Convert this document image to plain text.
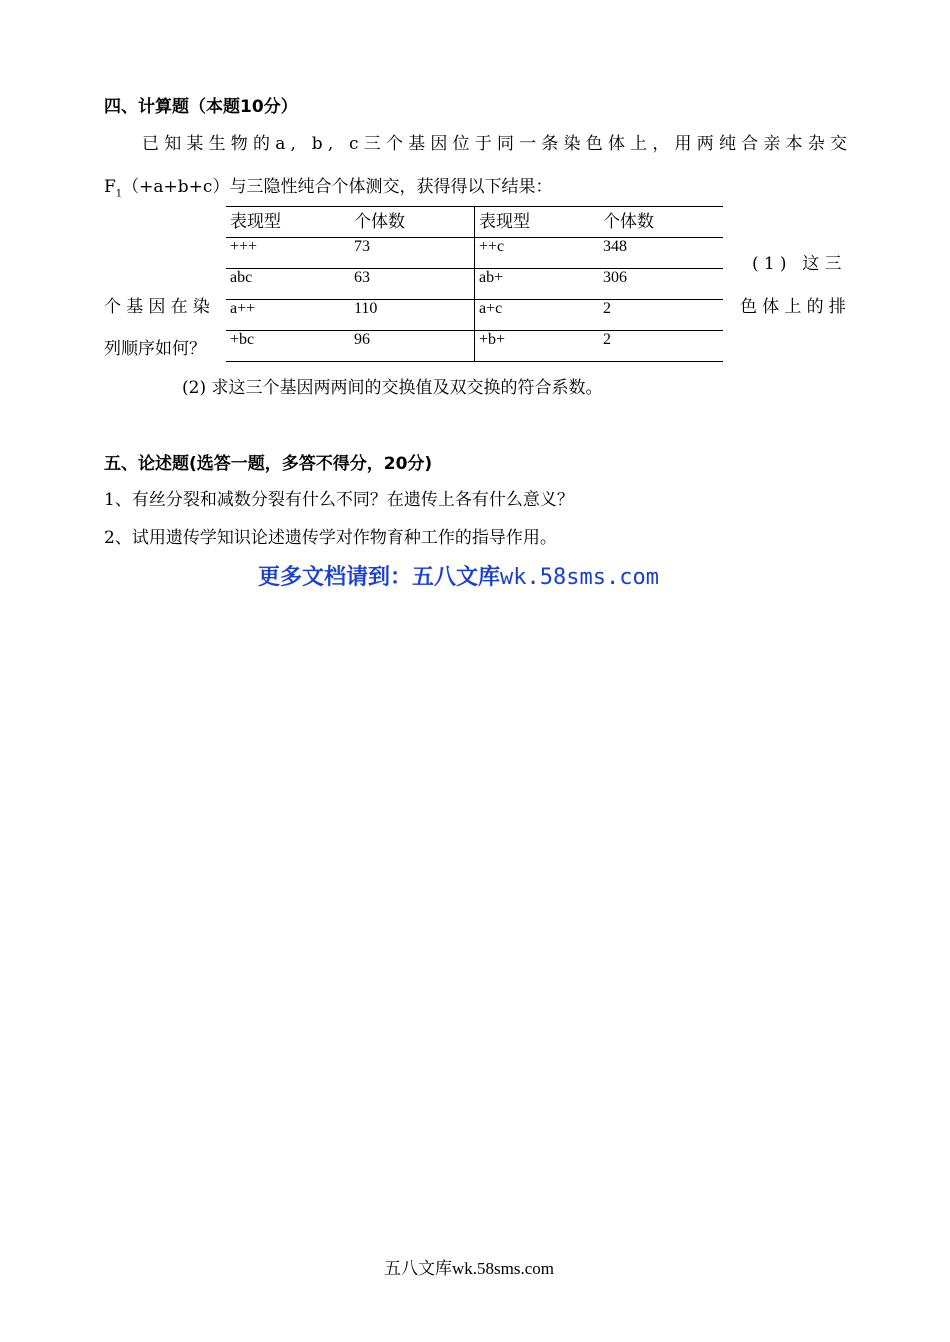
四、计算题（本题10分）
已知某生物的a, b, c三个基因位于同一条染色体上，用两纯合亲本杂交
$F_1(+a+b+c)$与三隐性纯合个体测交，获得得以下结果：
表现型	个体数	表现型	个体数
+++	73	++c	348
abc	63	ab+	306
a++	110	a+c	2
+bc	96	+b+	2
(1) 这三
个基因在染	色体上的排
列顺序如何？
(2) 求这三个基因两两间的交换值及双交换的符合系数。
五、论述题(选答一题，多答不得分，20分)
1、有丝分裂和减数分裂有什么不同？在遗传上各有什么意义？
2、试用遗传学知识论述遗传学对作物育种工作的指导作用。
更多文档请到：五八文库wk.58sms.com
五八文库wk.58sms.com
